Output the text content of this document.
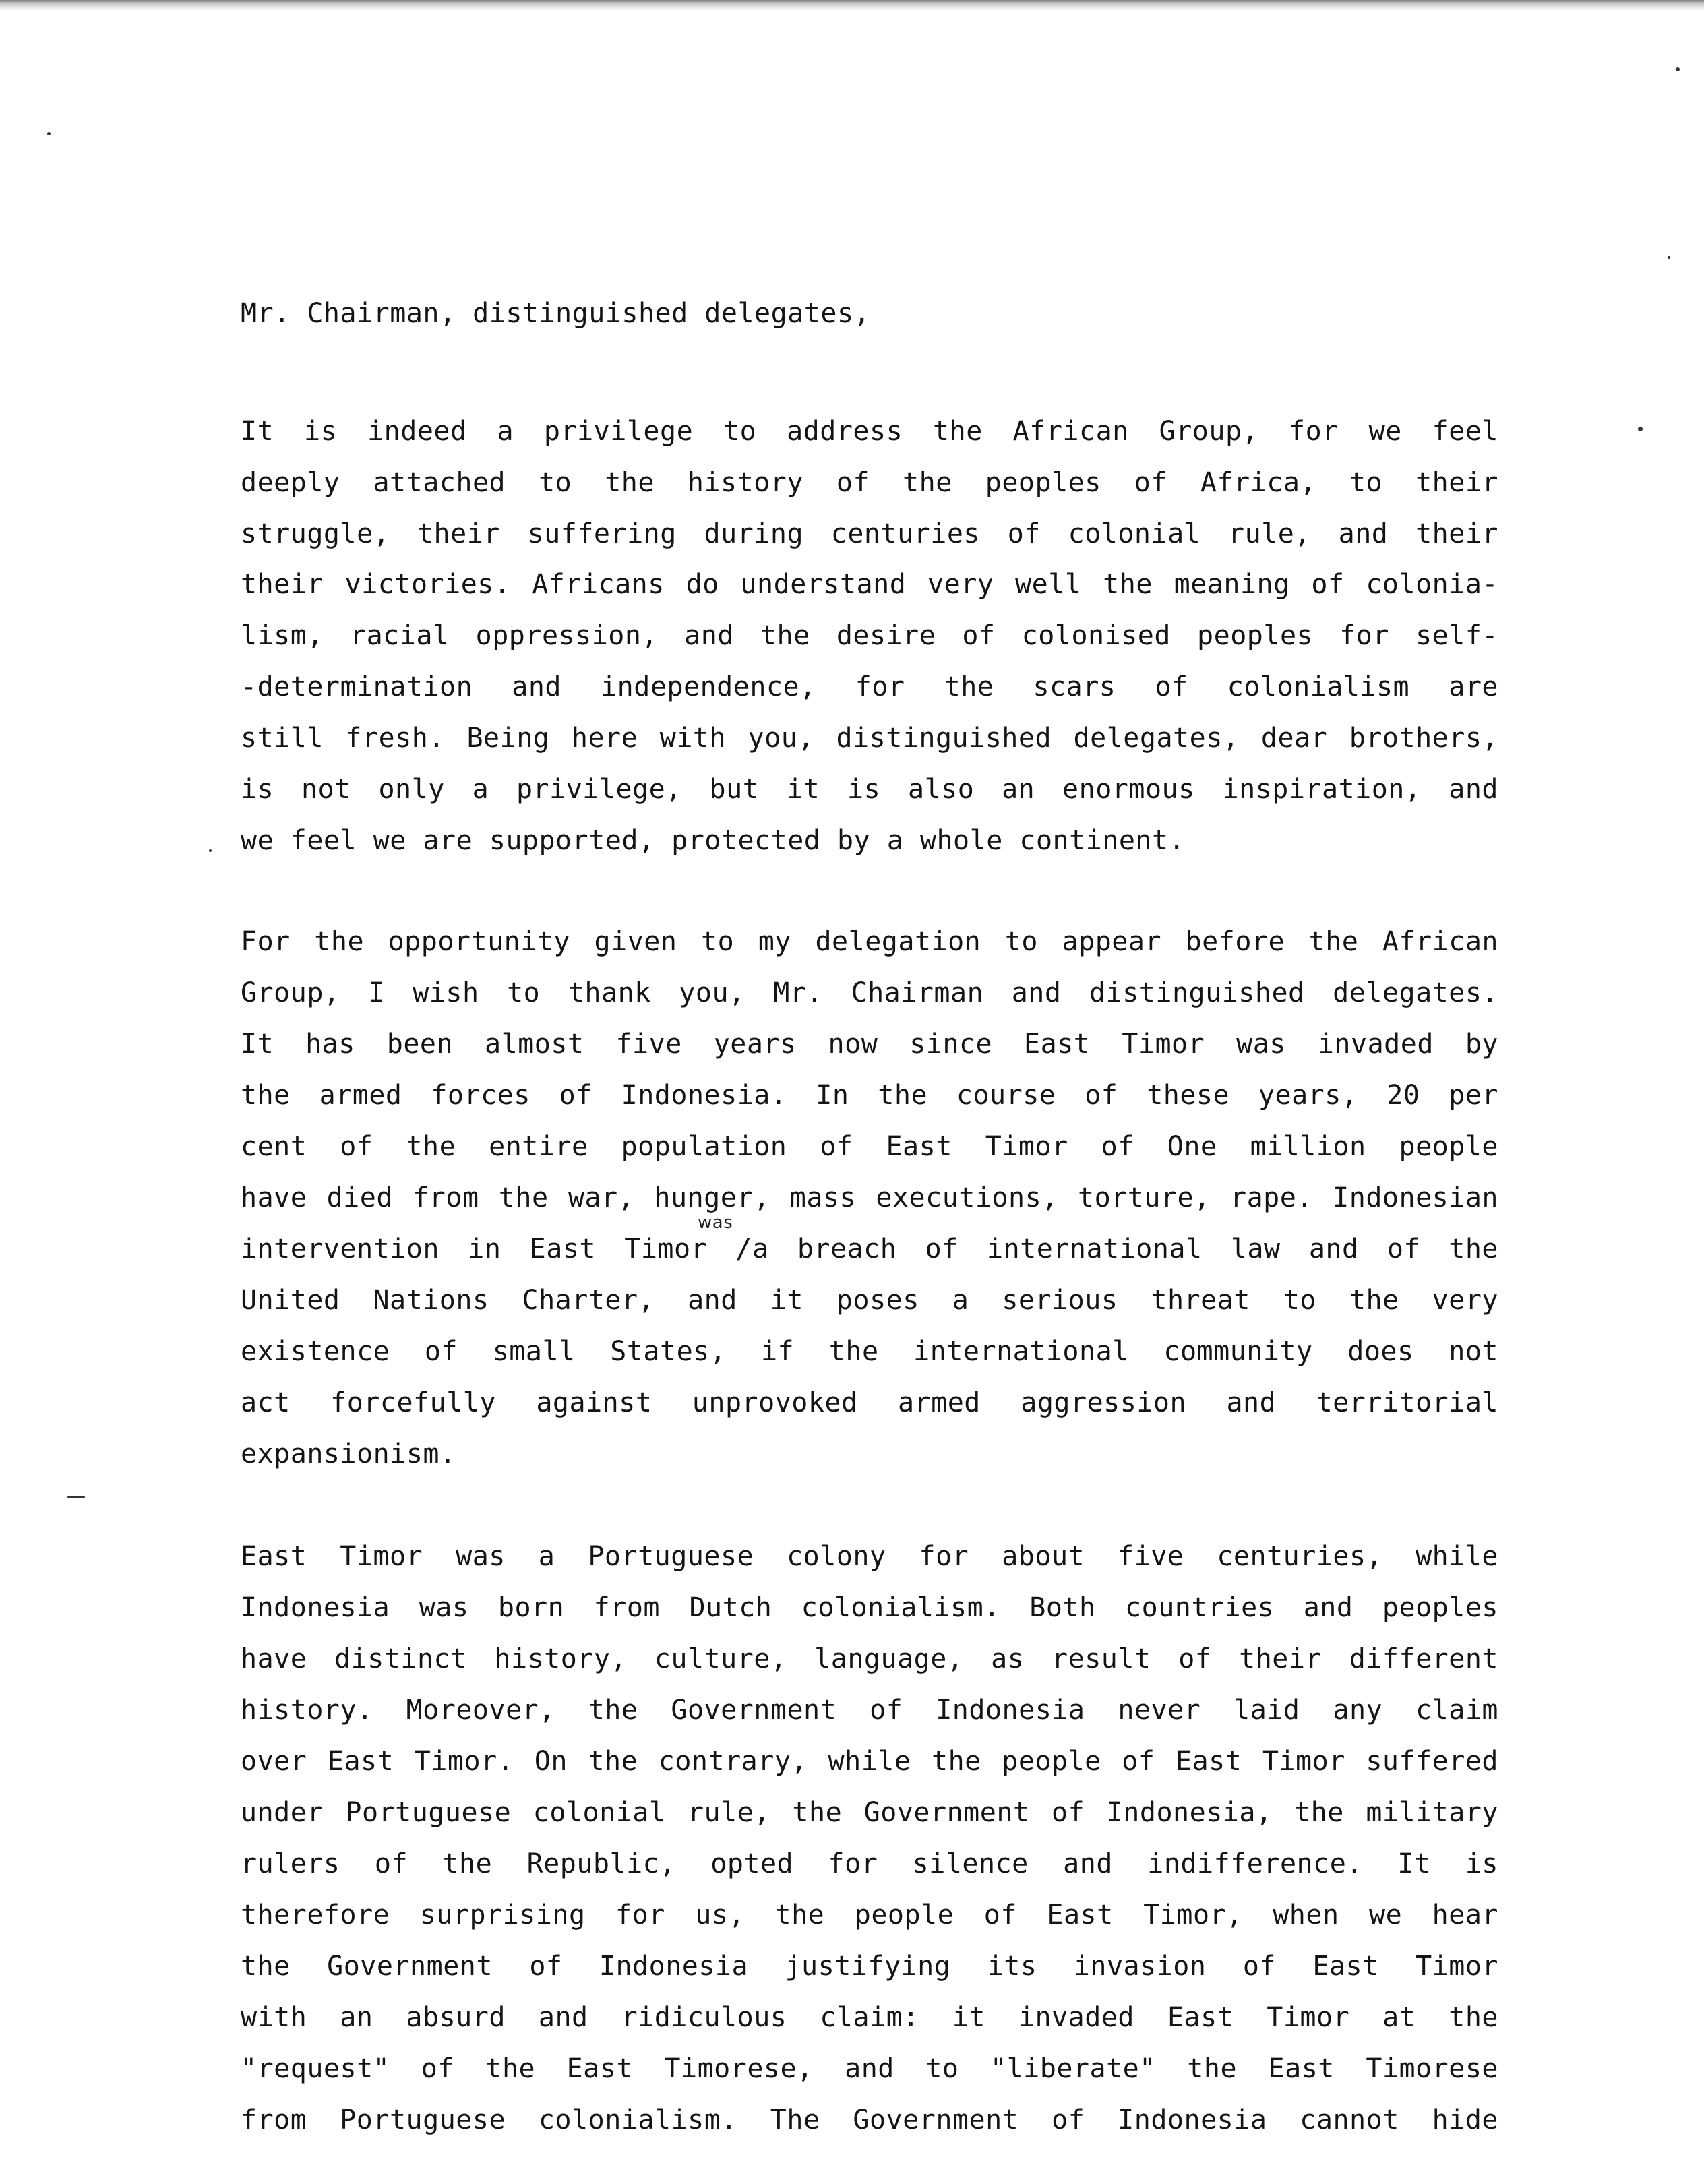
Mr. Chairman, distinguished delegates,
It is indeed a privilege to address the African Group, for we feel
deeply attached to the history of the peoples of Africa, to their
struggle, their suffering during centuries of colonial rule, and their
their victories. Africans do understand very well the meaning of colonia-
lism, racial oppression, and the desire of colonised peoples for self-
-determination and independence, for the scars of colonialism are
still fresh. Being here with you, distinguished delegates, dear brothers,
is not only a privilege, but it is also an enormous inspiration, and
we feel we are supported, protected by a whole continent.
For the opportunity given to my delegation to appear before the African
Group, I wish to thank you, Mr. Chairman and distinguished delegates.
It has been almost five years now since East Timor was invaded by
the armed forces of Indonesia. In the course of these years, 20 per
cent of the entire population of East Timor of One million people
have died from the war, hunger, mass executions, torture, rape. Indonesian
intervention in East Timor /a breach of international law and of the
was
United Nations Charter, and it poses a serious threat to the very
existence of small States, if the international community does not
act forcefully against unprovoked armed aggression and territorial
expansionism.
East Timor was a Portuguese colony for about five centuries, while
Indonesia was born from Dutch colonialism. Both countries and peoples
have distinct history, culture, language, as result of their different
history. Moreover, the Government of Indonesia never laid any claim
over East Timor. On the contrary, while the people of East Timor suffered
under Portuguese colonial rule, the Government of Indonesia, the military
rulers of the Republic, opted for silence and indifference. It is
therefore surprising for us, the people of East Timor, when we hear
the Government of Indonesia justifying its invasion of East Timor
with an absurd and ridiculous claim: it invaded East Timor at the
"request" of the East Timorese, and to "liberate" the East Timorese
from Portuguese colonialism. The Government of Indonesia cannot hide
